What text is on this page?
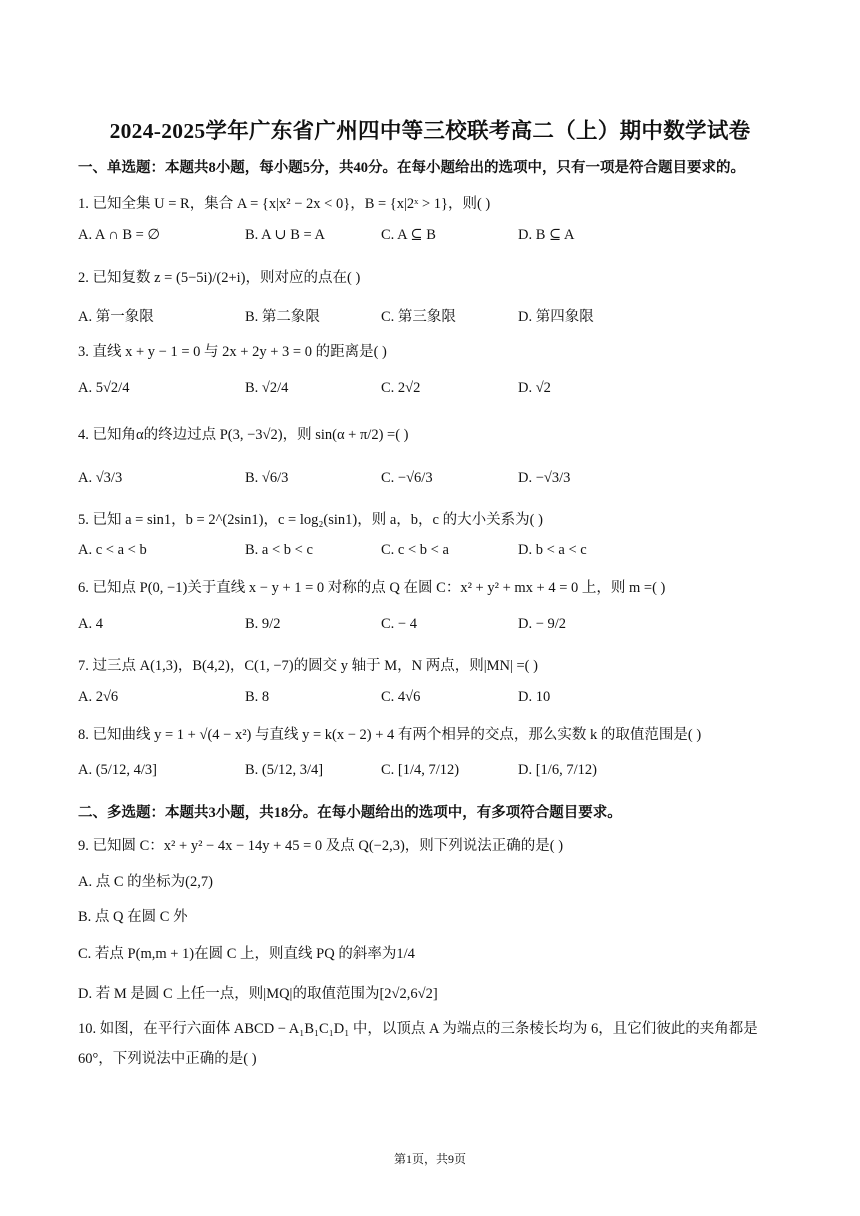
2024-2025学年广东省广州四中等三校联考高二（上）期中数学试卷
一、单选题：本题共8小题，每小题5分，共40分。在每小题给出的选项中，只有一项是符合题目要求的。
1. 已知全集 U = R，集合 A = {x|x² − 2x < 0}，B = {x|2ˣ > 1}，则( )
A. A ∩ B = ∅	B. A ∪ B = A	C. A ⊆ B	D. B ⊆ A
2. 已知复数 z = (5−5i)/(2+i)，则对应的点在( )
A. 第一象限	B. 第二象限	C. 第三象限	D. 第四象限
3. 直线 x + y − 1 = 0 与 2x + 2y + 3 = 0 的距离是( )
A. 5√2/4	B. √2/4	C. 2√2	D. √2
4. 已知角α的终边过点 P(3, −3√2)，则 sin(α + π/2) =( )
A. √3/3	B. √6/3	C. −√6/3	D. −√3/3
5. 已知 a = sin1，b = 2^(2sin1)，c = log₂(sin1)，则 a，b，c 的大小关系为( )
A. c < a < b	B. a < b < c	C. c < b < a	D. b < a < c
6. 已知点 P(0, −1)关于直线 x − y + 1 = 0 对称的点 Q 在圆 C：x² + y² + mx + 4 = 0 上，则 m =( )
A. 4	B. 9/2	C. − 4	D. − 9/2
7. 过三点 A(1,3)，B(4,2)，C(1, −7)的圆交 y 轴于 M，N 两点，则|MN| =( )
A. 2√6	B. 8	C. 4√6	D. 10
8. 已知曲线 y = 1 + √(4 − x²) 与直线 y = k(x − 2) + 4 有两个相异的交点，那么实数 k 的取值范围是( )
A. (5/12, 4/3]	B. (5/12, 3/4]	C. [1/4, 7/12)	D. [1/6, 7/12)
二、多选题：本题共3小题，共18分。在每小题给出的选项中，有多项符合题目要求。
9. 已知圆 C：x² + y² − 4x − 14y + 45 = 0 及点 Q(−2,3)，则下列说法正确的是( )
A. 点 C 的坐标为(2,7)
B. 点 Q 在圆 C 外
C. 若点 P(m,m + 1)在圆 C 上，则直线 PQ 的斜率为1/4
D. 若 M 是圆 C 上任一点，则|MQ|的取值范围为[2√2,6√2]
10. 如图，在平行六面体 ABCD − A₁B₁C₁D₁ 中，以顶点 A 为端点的三条棱长均为 6，且它们彼此的夹角都是
60°，下列说法中正确的是( )
第1页，共9页
